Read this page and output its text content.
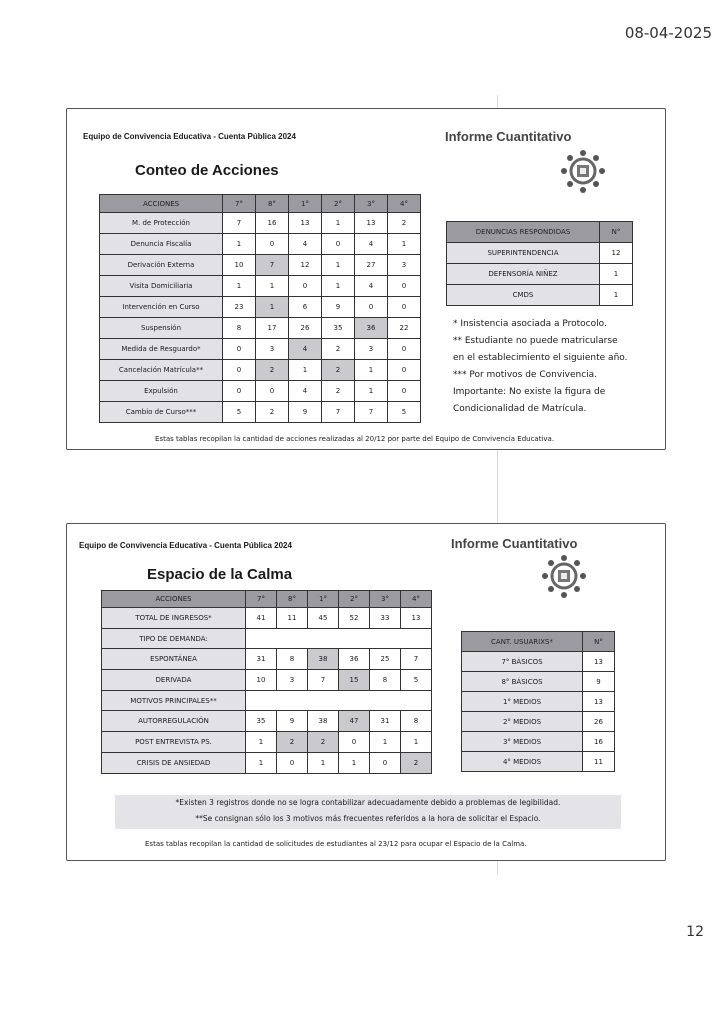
08-04-2025
Equipo de Convivencia Educativa - Cuenta Pública 2024	Informe Cuantitativo
Conteo de Acciones
ACCIONES	7°	8°	1°	2°	3°	4°
M. de Protección	7	16	13	1	13	2
Denuncia Fiscalía	1	0	4	0	4	1
Derivación Externa	10	7	12	1	27	3
Visita Domiciliaria	1	1	0	1	4	0
Intervención en Curso	23	1	6	9	0	0
Suspensión	8	17	26	35	36	22
Medida de Resguardo*	0	3	4	2	3	0
Cancelación Matrícula**	0	2	1	2	1	0
Expulsión	0	0	4	2	1	0
Cambio de Curso***	5	2	9	7	7	5
DENUNCIAS RESPONDIDAS	N°
SUPERINTENDENCIA	12
DEFENSORÍA NIÑEZ	1
CMDS	1
* Insistencia asociada a Protocolo.
** Estudiante no puede matricularse
en el establecimiento el siguiente año.
*** Por motivos de Convivencia.
Importante: No existe la figura de
Condicionalidad de Matrícula.
Estas tablas recopilan la cantidad de acciones realizadas al 20/12 por parte del Equipo de Convivencia Educativa.
Equipo de Convivencia Educativa - Cuenta Pública 2024	Informe Cuantitativo
Espacio de la Calma
ACCIONES	7°	8°	1°	2°	3°	4°
TOTAL DE INGRESOS*	41	11	45	52	33	13
TIPO DE DEMANDA:						
ESPONTÁNEA	31	8	38	36	25	7
DERIVADA	10	3	7	15	8	5
MOTIVOS PRINCIPALES**						
AUTORREGULACIÓN	35	9	38	47	31	8
POST ENTREVISTA PS.	1	2	2	0	1	1
CRISIS DE ANSIEDAD	1	0	1	1	0	2
CANT. USUARIXS*	N°
7° BÁSICOS	13
8° BÁSICOS	9
1° MEDIOS	13
2° MEDIOS	26
3° MEDIOS	16
4° MEDIOS	11
Estas tablas recopilan la cantidad de solicitudes de estudiantes al 23/12 para ocupar el Espacio de la Calma.
*Existen 3 registros donde no se logra contabilizar adecuadamente debido a problemas de legibilidad.
**Se consignan sólo los 3 motivos más frecuentes referidos a la hora de solicitar el Espacio.
12
